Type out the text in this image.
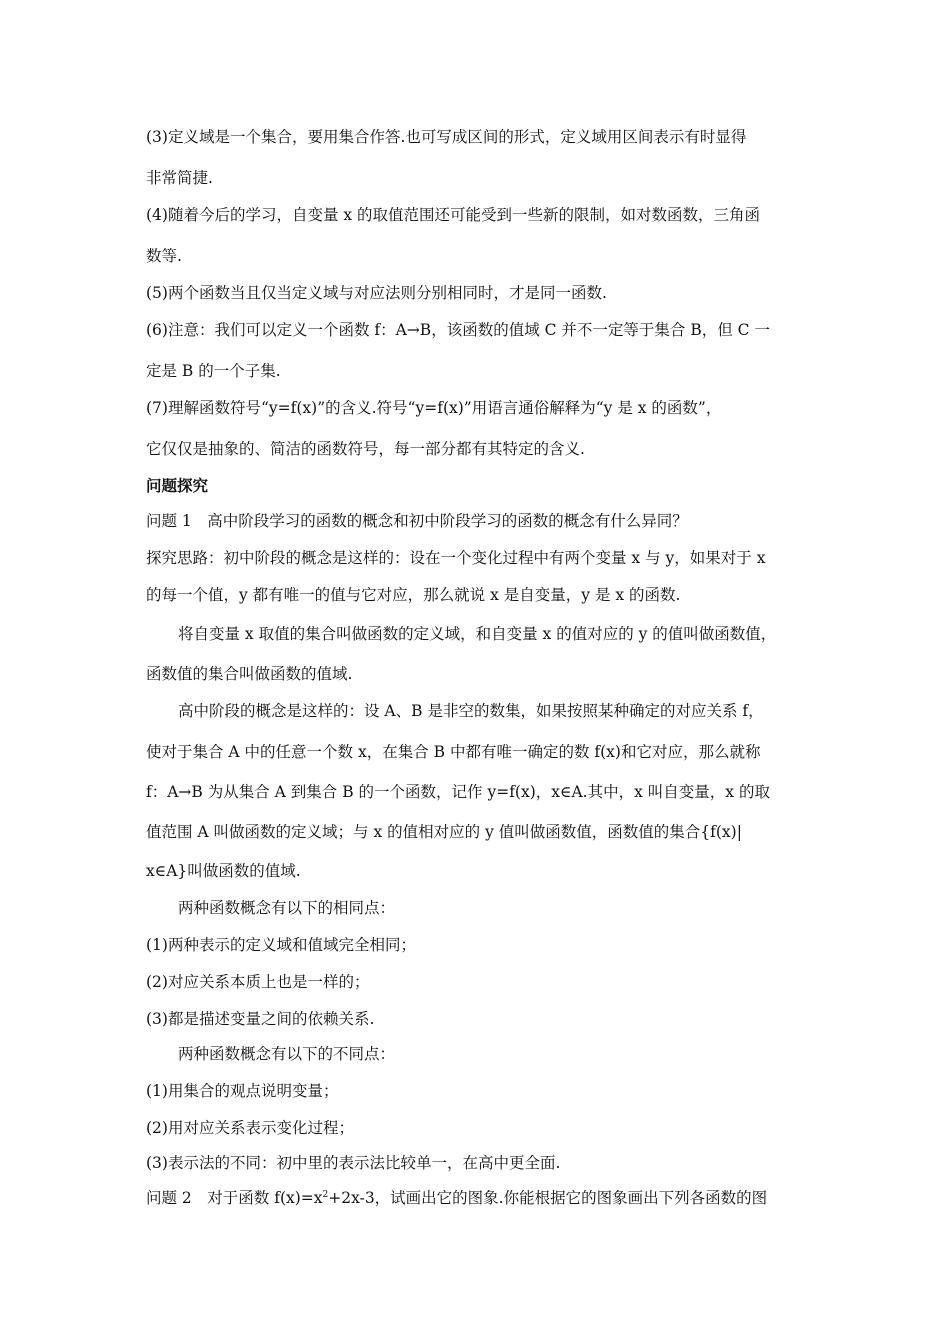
(3)定义域是一个集合，要用集合作答.也可写成区间的形式，定义域用区间表示有时显得
非常简捷.
(4)随着今后的学习，自变量 x 的取值范围还可能受到一些新的限制，如对数函数，三角函
数等.
(5)两个函数当且仅当定义域与对应法则分别相同时，才是同一函数.
(6)注意：我们可以定义一个函数 f：A→B，该函数的值域 C 并不一定等于集合 B，但 C 一
定是 B 的一个子集.
(7)理解函数符号“y=f(x)”的含义.符号“y=f(x)”用语言通俗解释为“y 是 x 的函数”，
它仅仅是抽象的、简洁的函数符号，每一部分都有其特定的含义.
问题探究
问题 1　高中阶段学习的函数的概念和初中阶段学习的函数的概念有什么异同？
探究思路：初中阶段的概念是这样的：设在一个变化过程中有两个变量 x 与 y，如果对于 x
的每一个值，y 都有唯一的值与它对应，那么就说 x 是自变量，y 是 x 的函数.
将自变量 x 取值的集合叫做函数的定义域，和自变量 x 的值对应的 y 的值叫做函数值，
函数值的集合叫做函数的值域.
高中阶段的概念是这样的：设 A、B 是非空的数集，如果按照某种确定的对应关系 f，
使对于集合 A 中的任意一个数 x，在集合 B 中都有唯一确定的数 f(x)和它对应，那么就称
f：A→B 为从集合 A 到集合 B 的一个函数，记作 y=f(x)，x∈A.其中，x 叫自变量，x 的取
值范围 A 叫做函数的定义域；与 x 的值相对应的 y 值叫做函数值，函数值的集合{f(x)|
x∈A}叫做函数的值域.
两种函数概念有以下的相同点：
(1)两种表示的定义域和值域完全相同；
(2)对应关系本质上也是一样的；
(3)都是描述变量之间的依赖关系.
两种函数概念有以下的不同点：
(1)用集合的观点说明变量；
(2)用对应关系表示变化过程；
(3)表示法的不同：初中里的表示法比较单一，在高中更全面.
问题 2　对于函数 $f(x)=x^2+2x-3$，试画出它的图象.你能根据它的图象画出下列各函数的图
